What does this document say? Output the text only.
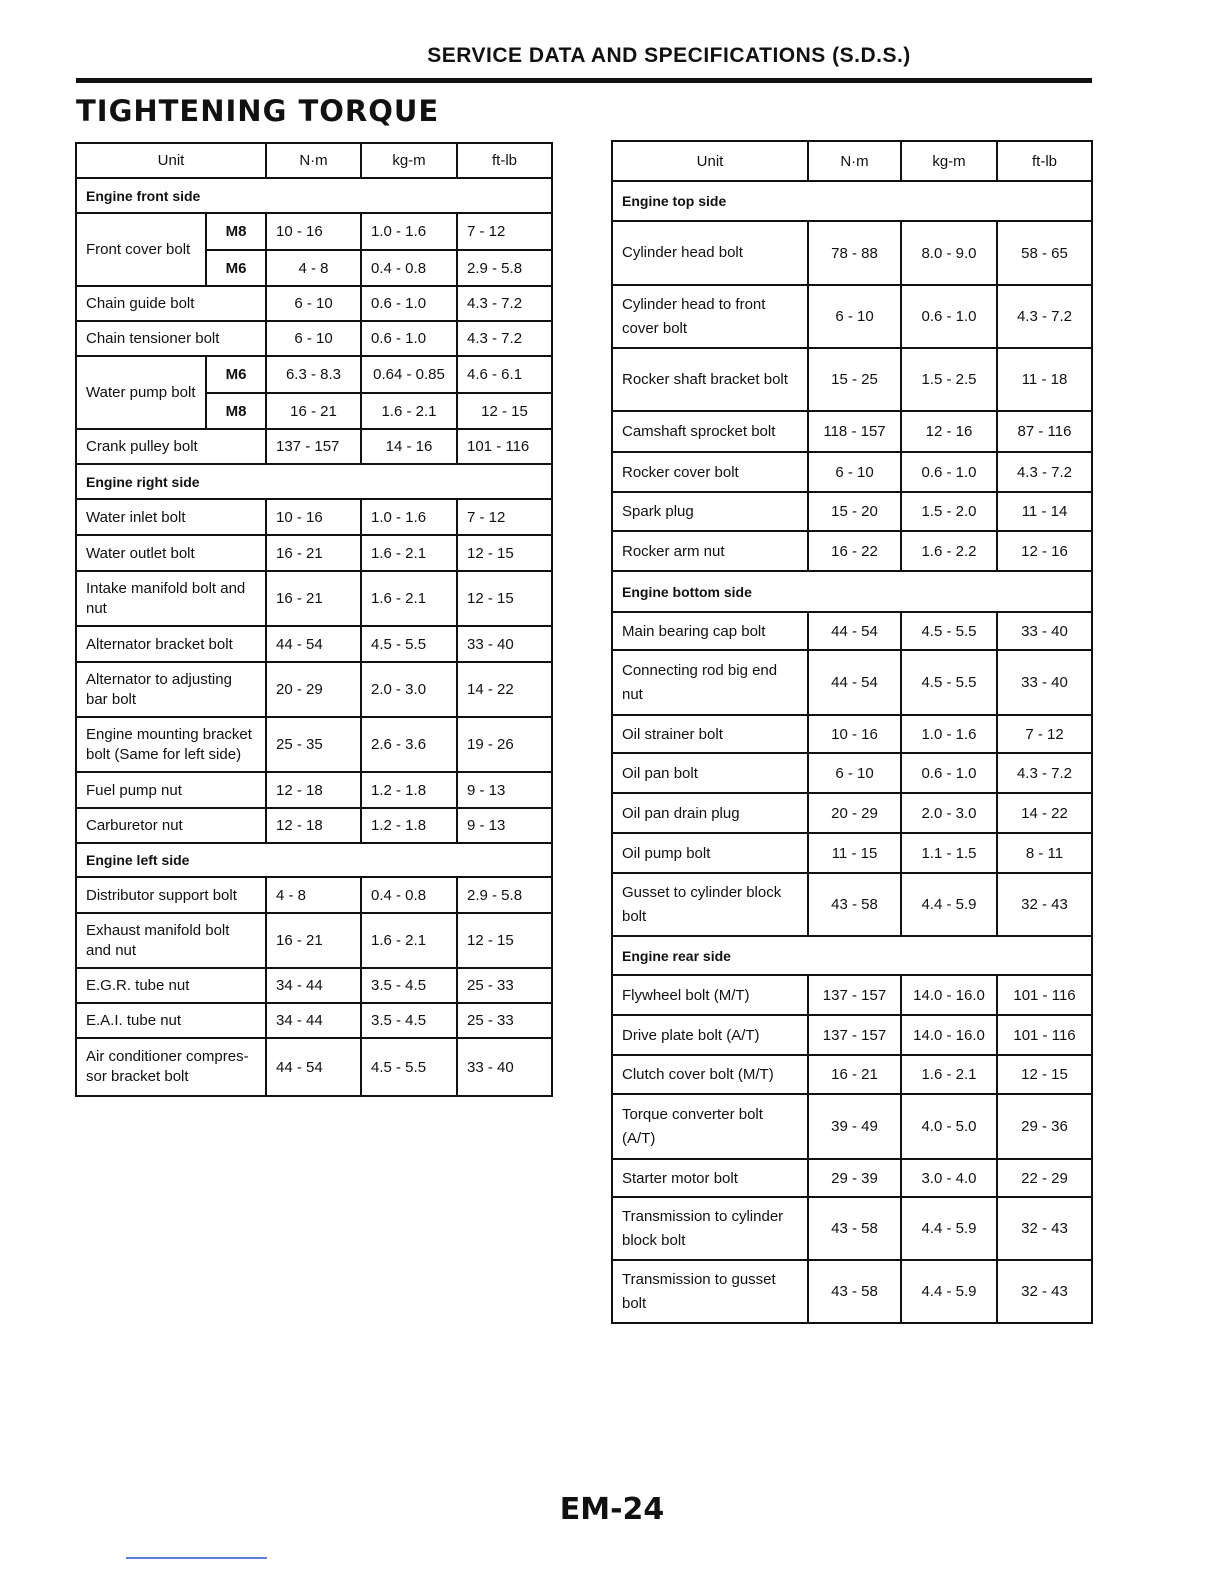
SERVICE DATA AND SPECIFICATIONS (S.D.S.)
TIGHTENING TORQUE
Unit		N·m	kg-m	ft-lb
Engine front side				
Front cover bolt	M8	10 - 16	1.0 - 1.6	7 - 12
	M6	4 - 8	0.4 - 0.8	2.9 - 5.8
Chain guide bolt		6 - 10	0.6 - 1.0	4.3 - 7.2
Chain tensioner bolt		6 - 10	0.6 - 1.0	4.3 - 7.2
Water pump bolt	M6	6.3 - 8.3	0.64 - 0.85	4.6 - 6.1
	M8	16 - 21	1.6 - 2.1	12 - 15
Crank pulley bolt		137 - 157	14 - 16	101 - 116
Engine right side				
Water inlet bolt		10 - 16	1.0 - 1.6	7 - 12
Water outlet bolt		16 - 21	1.6 - 2.1	12 - 15
Intake manifold bolt and nut		16 - 21	1.6 - 2.1	12 - 15
Alternator bracket bolt		44 - 54	4.5 - 5.5	33 - 40
Alternator to adjusting bar bolt		20 - 29	2.0 - 3.0	14 - 22
Engine mounting bracket bolt (Same for left side)		25 - 35	2.6 - 3.6	19 - 26
Fuel pump nut		12 - 18	1.2 - 1.8	9 - 13
Carburetor nut		12 - 18	1.2 - 1.8	9 - 13
Engine left side				
Distributor support bolt		4 - 8	0.4 - 0.8	2.9 - 5.8
Exhaust manifold bolt and nut		16 - 21	1.6 - 2.1	12 - 15
E.G.R. tube nut		34 - 44	3.5 - 4.5	25 - 33
E.A.I. tube nut		34 - 44	3.5 - 4.5	25 - 33
Air conditioner compres- sor bracket bolt		44 - 54	4.5 - 5.5	33 - 40
Unit	N·m	kg-m	ft-lb
Engine top side			
Cylinder head bolt	78 - 88	8.0 - 9.0	58 - 65
Cylinder head to front cover bolt	6 - 10	0.6 - 1.0	4.3 - 7.2
Rocker shaft bracket bolt	15 - 25	1.5 - 2.5	11 - 18
Camshaft sprocket bolt	118 - 157	12 - 16	87 - 116
Rocker cover bolt	6 - 10	0.6 - 1.0	4.3 - 7.2
Spark plug	15 - 20	1.5 - 2.0	11 - 14
Rocker arm nut	16 - 22	1.6 - 2.2	12 - 16
Engine bottom side			
Main bearing cap bolt	44 - 54	4.5 - 5.5	33 - 40
Connecting rod big end nut	44 - 54	4.5 - 5.5	33 - 40
Oil strainer bolt	10 - 16	1.0 - 1.6	7 - 12
Oil pan bolt	6 - 10	0.6 - 1.0	4.3 - 7.2
Oil pan drain plug	20 - 29	2.0 - 3.0	14 - 22
Oil pump bolt	11 - 15	1.1 - 1.5	8 - 11
Gusset to cylinder block bolt	43 - 58	4.4 - 5.9	32 - 43
Engine rear side			
Flywheel bolt (M/T)	137 - 157	14.0 - 16.0	101 - 116
Drive plate bolt (A/T)	137 - 157	14.0 - 16.0	101 - 116
Clutch cover bolt (M/T)	16 - 21	1.6 - 2.1	12 - 15
Torque converter bolt (A/T)	39 - 49	4.0 - 5.0	29 - 36
Starter motor bolt	29 - 39	3.0 - 4.0	22 - 29
Transmission to cylinder block bolt	43 - 58	4.4 - 5.9	32 - 43
Transmission to gusset bolt	43 - 58	4.4 - 5.9	32 - 43
EM-24
